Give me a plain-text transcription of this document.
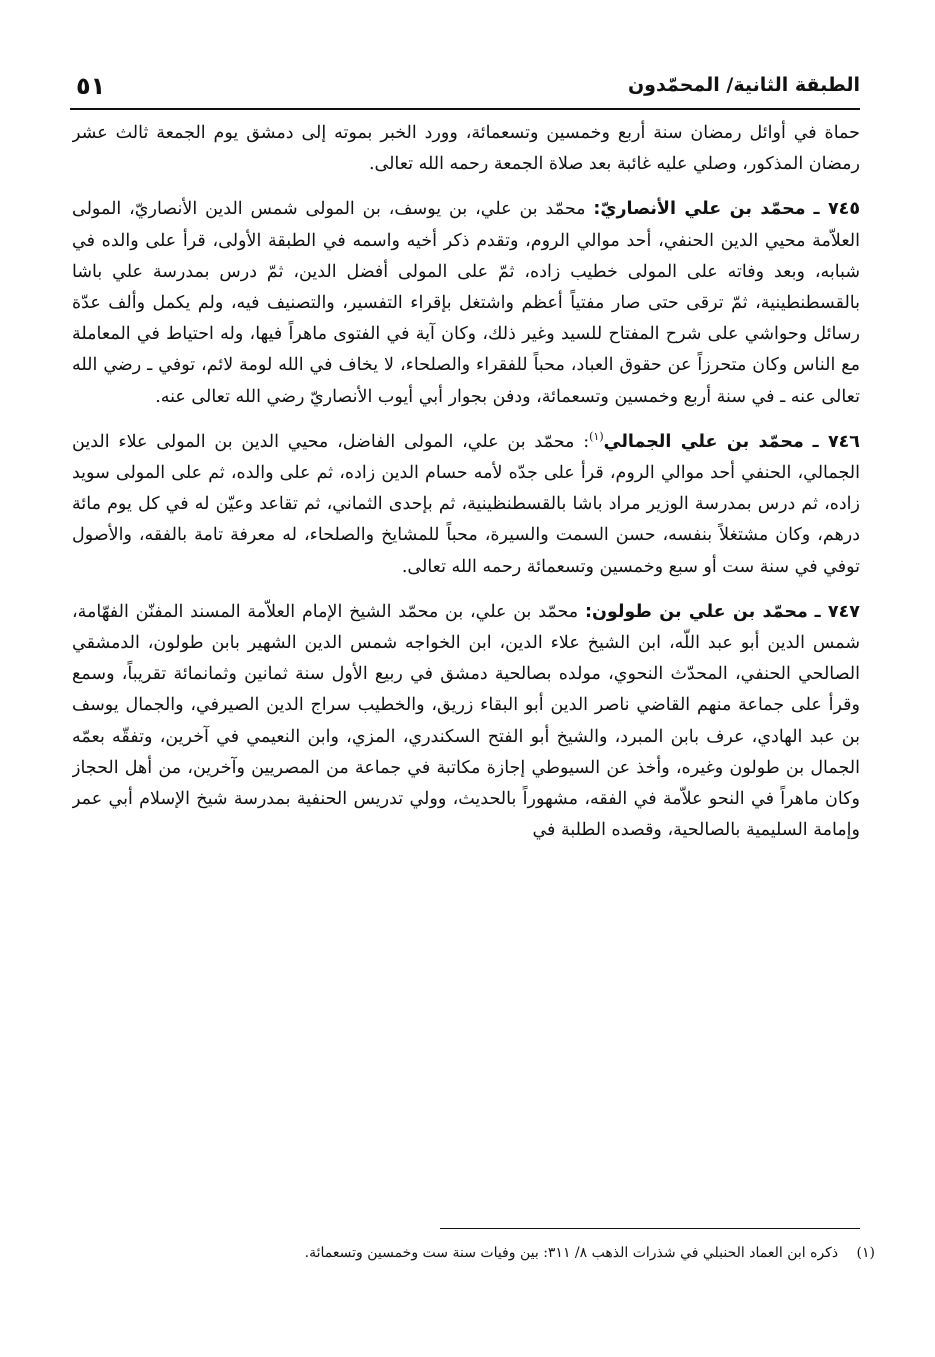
الطبقة الثانية/ المحمّدون
٥١

حماة في أوائل رمضان سنة أربع وخمسين وتسعمائة، وورد الخبر بموته إلى دمشق يوم الجمعة ثالث عشر رمضان المذكور، وصلي عليه غائبة بعد صلاة الجمعة رحمه الله تعالى.

٧٤٥ ـ محمّد بن علي الأنصاريّ: محمّد بن علي، بن يوسف، بن المولى شمس الدين الأنصاريّ، المولى العلاّمة محيي الدين الحنفي، أحد موالي الروم، وتقدم ذكر أخيه واسمه في الطبقة الأولى، قرأ على والده في شبابه، وبعد وفاته على المولى خطيب زاده، ثمّ على المولى أفضل الدين، ثمّ درس بمدرسة علي باشا بالقسطنطينية، ثمّ ترقى حتى صار مفتياً أعظم واشتغل بإقراء التفسير، والتصنيف فيه، ولم يكمل وألف عدّة رسائل وحواشي على شرح المفتاح للسيد وغير ذلك، وكان آية في الفتوى ماهراً فيها، وله احتياط في المعاملة مع الناس وكان متحرزاً عن حقوق العباد، محباً للفقراء والصلحاء، لا يخاف في الله لومة لائم، توفي ـ رضي الله تعالى عنه ـ في سنة أربع وخمسين وتسعمائة، ودفن بجوار أبي أيوب الأنصاريّ رضي الله تعالى عنه.

٧٤٦ ـ محمّد بن علي الجمالي$^{(١)}$: محمّد بن علي، المولى الفاضل، محيي الدين بن المولى علاء الدين الجمالي، الحنفي أحد موالي الروم، قرأ على جدّه لأمه حسام الدين زاده، ثم على والده، ثم على المولى سويد زاده، ثم درس بمدرسة الوزير مراد باشا بالقسطنظينية، ثم بإحدى الثماني، ثم تقاعد وعيّن له في كل يوم مائة درهم، وكان مشتغلاً بنفسه، حسن السمت والسيرة، محباً للمشايخ والصلحاء، له معرفة تامة بالفقه، والأصول توفي في سنة ست أو سبع وخمسين وتسعمائة رحمه الله تعالى.

٧٤٧ ـ محمّد بن علي بن طولون: محمّد بن علي، بن محمّد الشيخ الإمام العلاّمة المسند المفنّن الفهّامة، شمس الدين أبو عبد اللّه، ابن الشيخ علاء الدين، ابن الخواجه شمس الدين الشهير بابن طولون، الدمشقي الصالحي الحنفي، المحدّث النحوي، مولده بصالحية دمشق في ربيع الأول سنة ثمانين وثمانمائة تقريباً، وسمع وقرأ على جماعة منهم القاضي ناصر الدين أبو البقاء زريق، والخطيب سراج الدين الصيرفي، والجمال يوسف بن عبد الهادي، عرف بابن المبرد، والشيخ أبو الفتح السكندري، المزي، وابن النعيمي في آخرين، وتفقّه بعمّه الجمال بن طولون وغيره، وأخذ عن السيوطي إجازة مكاتبة في جماعة من المصريين وآخرين، من أهل الحجاز وكان ماهراً في النحو علاّمة في الفقه، مشهوراً بالحديث، وولي تدريس الحنفية بمدرسة شيخ الإسلام أبي عمر وإمامة السليمية بالصالحية، وقصده الطلبة في

(١) ذكره ابن العماد الحنبلي في شذرات الذهب ٨/ ٣١١: بين وفيات سنة ست وخمسين وتسعمائة.
